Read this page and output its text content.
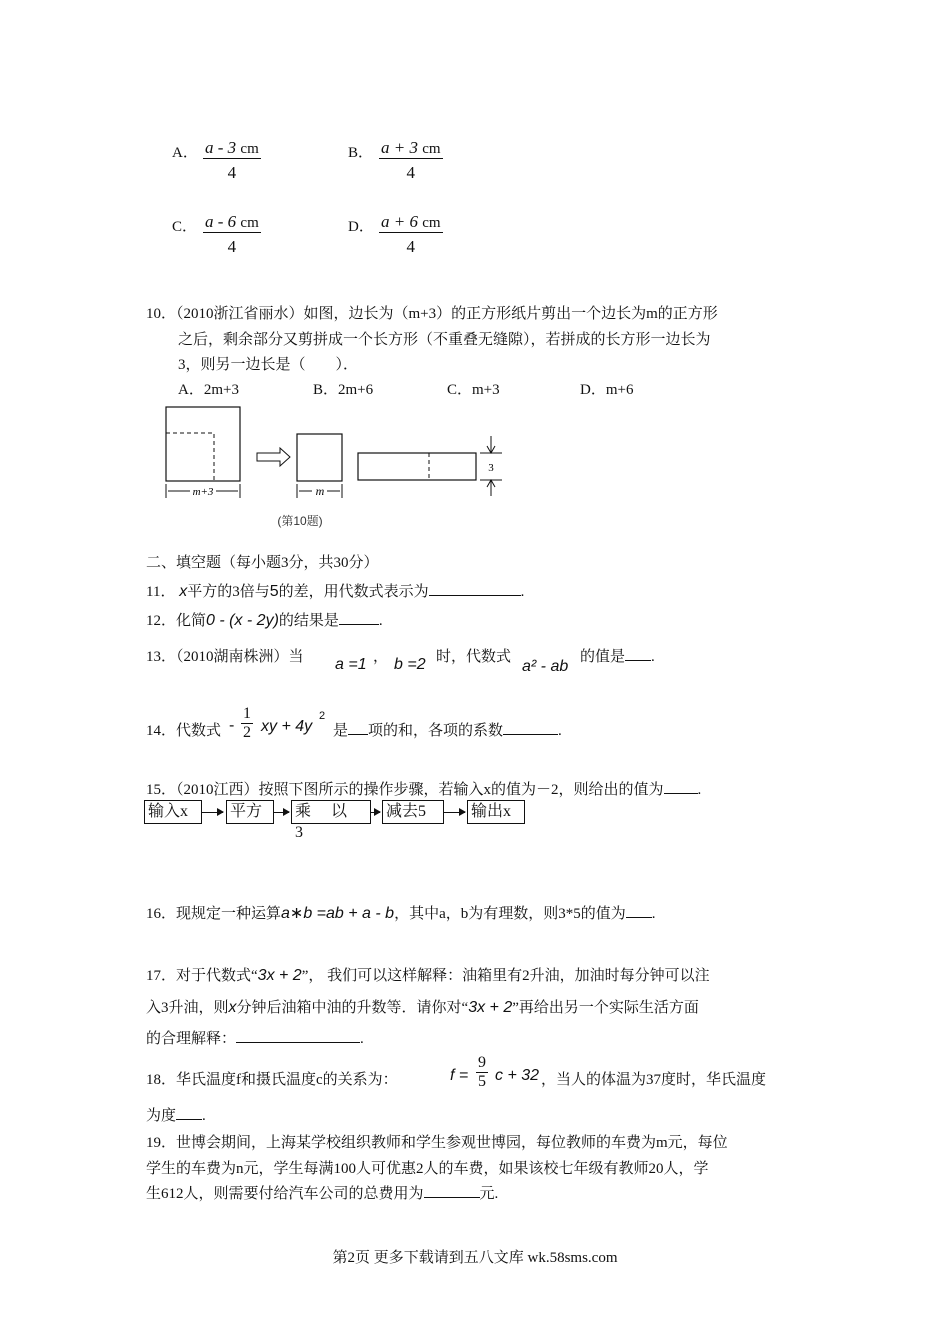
A． $\frac{a - 3 cm}{4}$	B． $\frac{a + 3 cm}{4}$
C． $\frac{a - 6 cm}{4}$	D． $\frac{a + 6 cm}{4}$
10．（2010浙江省丽水）如图，边长为（m+3）的正方形纸片剪出一个边长为m的正方形
之后，剩余部分又剪拼成一个长方形（不重叠无缝隙），若拼成的长方形一边长为
3，则另一边长是（　　）．
A．2m+3	B．2m+6	C．m+3	D．m+6
m+3	m
3
(第10题)
二、填空题（每小题3分，共30分）
11． x平方的3倍与5的差，用代数式表示为	.
12．化简0 - (x - 2y)的结果是	.
13．（2010湖南株洲）当 a =1 ， b =2 时，代数式
a² - ab
的值是 .
14．代数式 - $\frac{1}{2}$ xy + 4y
2
是 项的和，各项的系数	.
15．（2010江西）按照下图所示的操作步骤，若输入x的值为－2，则给出的值为 .
输入x	平方	乘　 以
3
减去5	输出x
16．现规定一种运算a∗b =ab + a - b，其中a，b为有理数，则3*5的值为 .
17．对于代数式“3x + 2”， 我们可以这样解释：油箱里有2升油，加油时每分钟可以注
入3升油，则x分钟后油箱中油的升数等．请你对“3x + 2”再给出另一个实际生活方面
的合理解释：	.
18．华氏温度f和摄氏温度c的关系为：	$f = \frac{9}{5}$ c + 32 ，当人的体温为37度时，华氏温度
为度 .
19．世博会期间，上海某学校组织教师和学生参观世博园，每位教师的车费为m元，每位
学生的车费为n元，学生每满100人可优惠2人的车费，如果该校七年级有教师20人，学
生612人，则需要付给汽车公司的总费用为	元.
第2页 更多下载请到五八文库 wk.58sms.com
